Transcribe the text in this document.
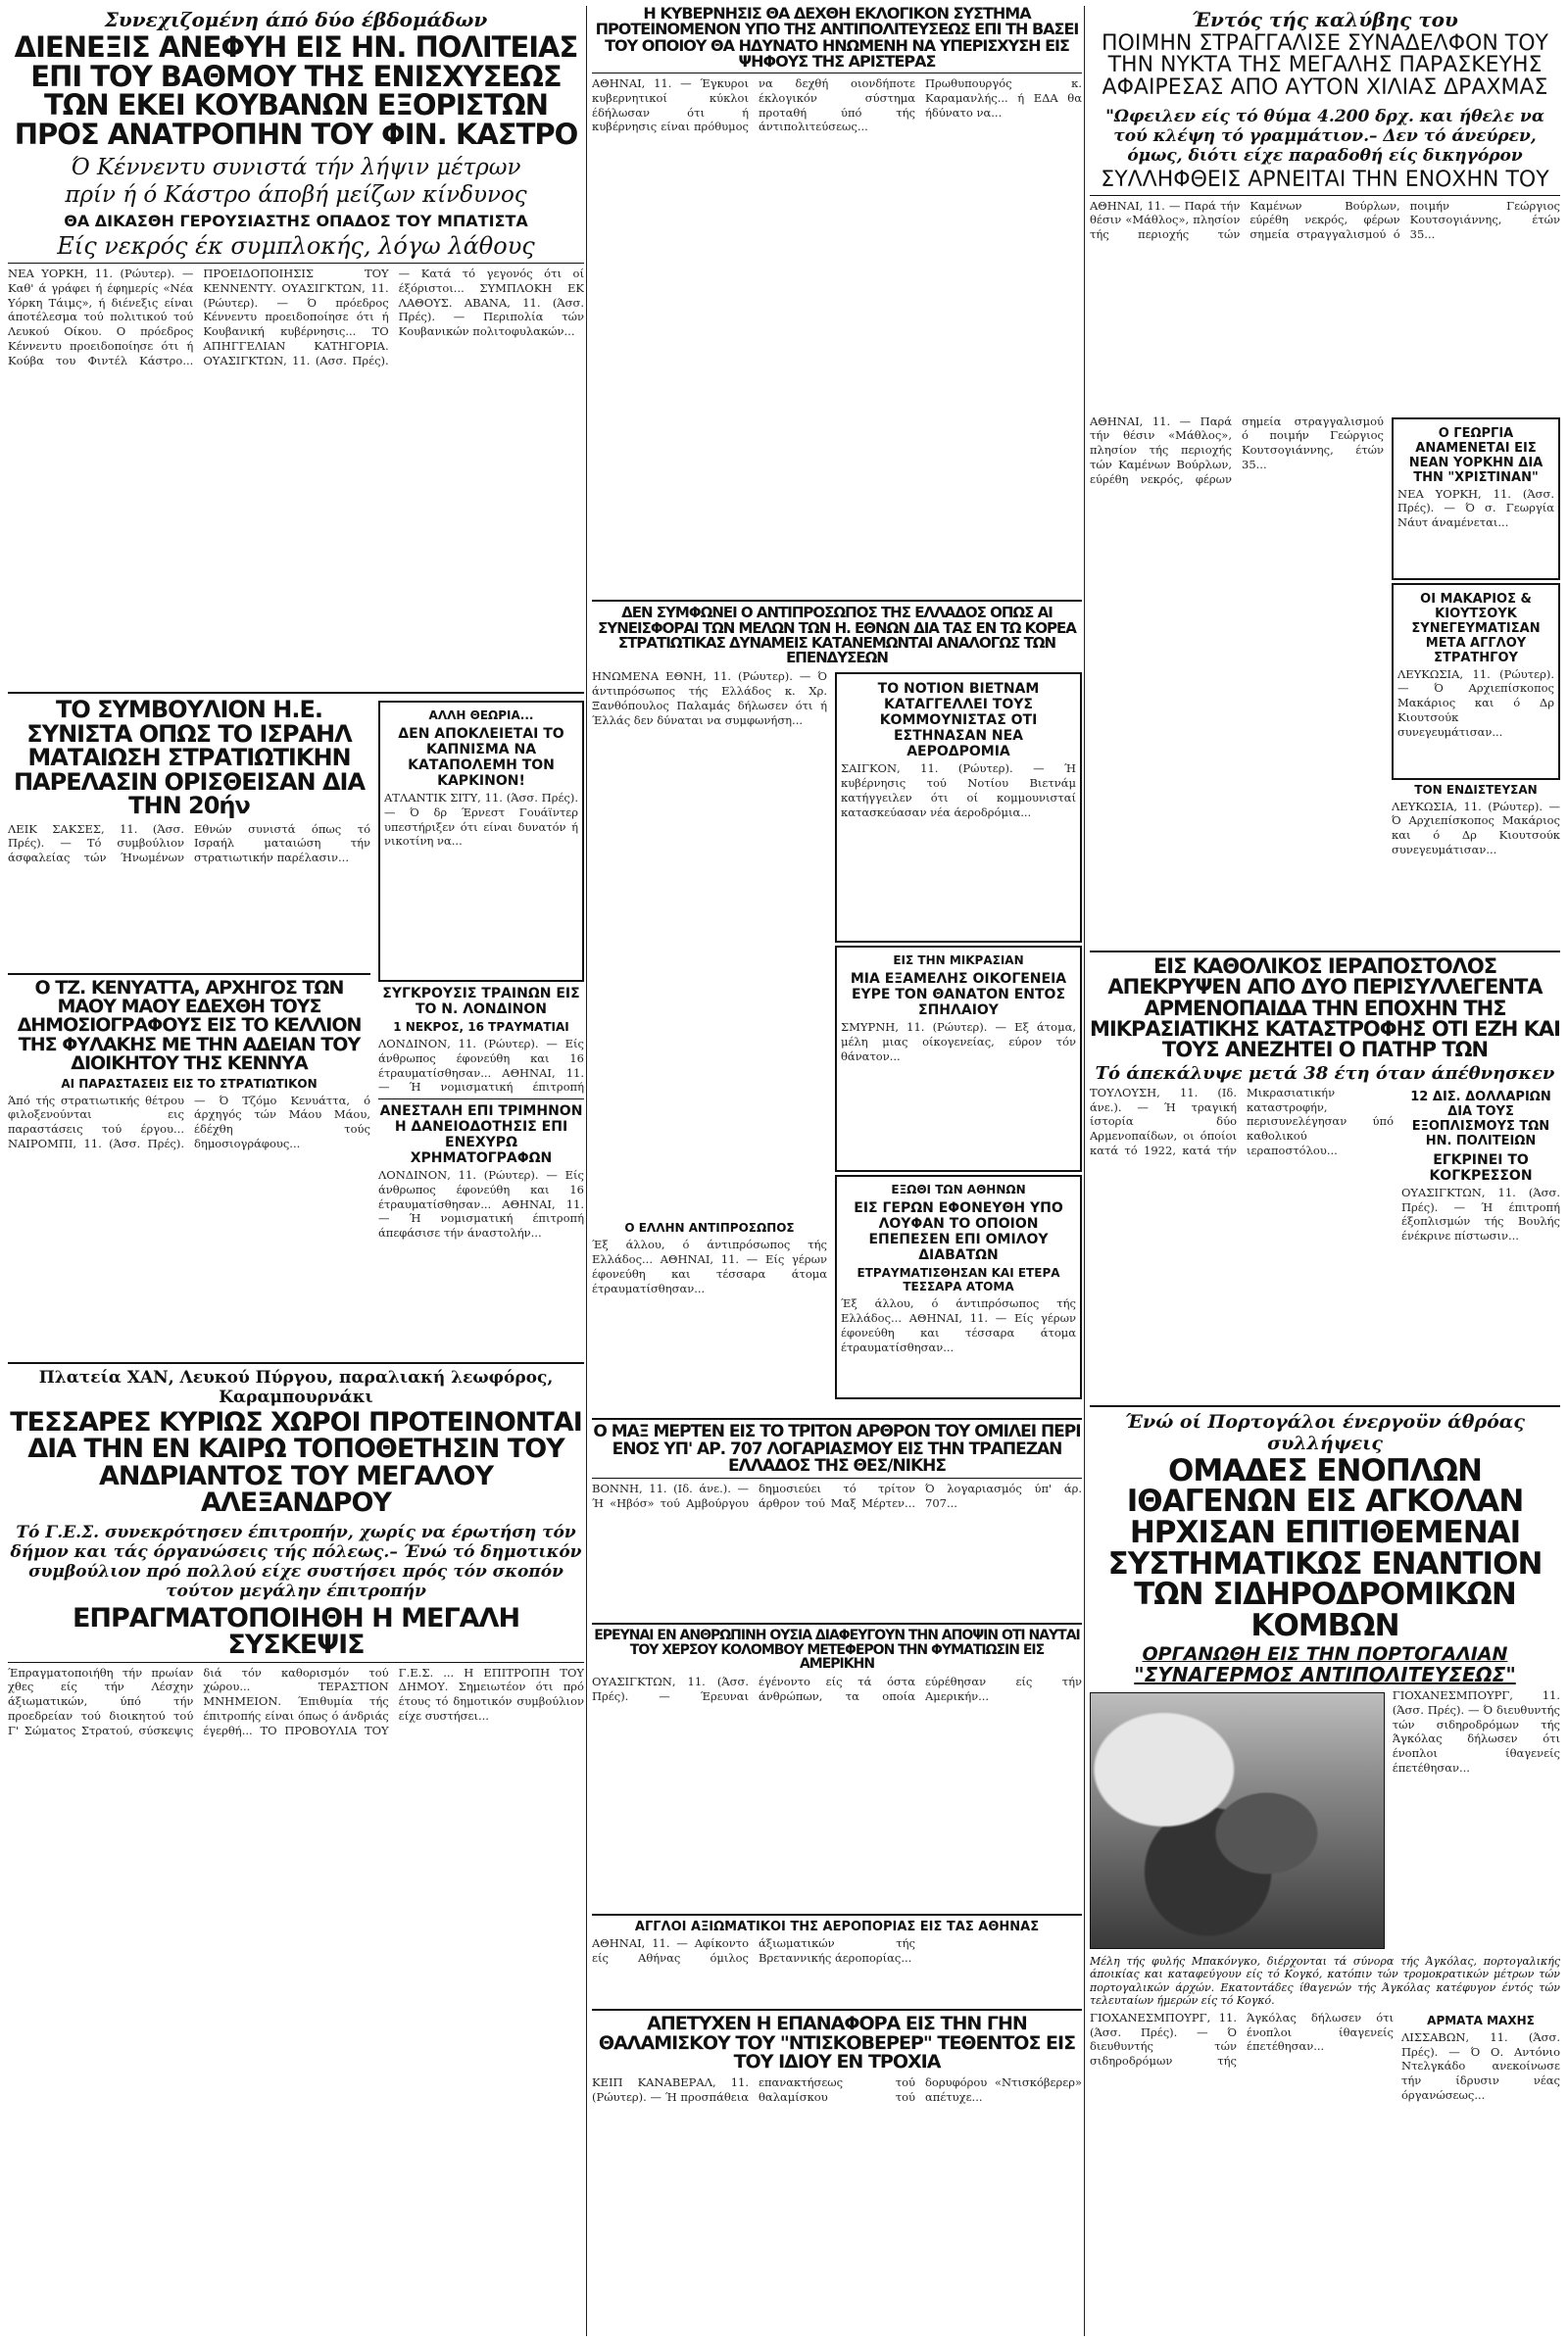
Συνεχιζομένη άπό δύο έβδομάδων
ΔΙΕΝΕΞΙΣ ΑΝΕΦΥΗ ΕΙΣ ΗΝ. ΠΟΛΙΤΕΙΑΣ ΕΠΙ ΤΟΥ ΒΑΘΜΟΥ ΤΗΣ ΕΝΙΣΧΥΣΕΩΣ ΤΩΝ ΕΚΕΙ ΚΟΥΒΑΝΩΝ ΕΞΟΡΙΣΤΩΝ ΠΡΟΣ ΑΝΑΤΡΟΠΗΝ ΤΟΥ ΦΙΝ. ΚΑΣΤΡΟ
Ό Κέννεντυ συνιστά τήν λήψιν μέτρων
πρίν ή ό Κάστρο άποβή μείζων κίνδυνος
ΘΑ ΔΙΚΑΣΘΗ ΓΕΡΟΥΣΙΑΣΤΗΣ ΟΠΑΔΟΣ ΤΟΥ ΜΠΑΤΙΣΤΑ
Είς νεκρός έκ συμπλοκής, λόγω λάθους
ΝΕΑ ΥΟΡΚΗ, 11. (Ρώυτερ). — Καθ' ά γράφει ή έφημερίς «Νέα Υόρκη Τάιμς», ή διένεξις είναι άποτέλεσμα τού πολιτικού τού Λευκού Οίκου. Ο πρόεδρος Κέννεντυ προειδοποίησε ότι ή Κούβα του Φιντέλ Κάστρο... ΠΡΟΕΙΔΟΠΟΙΗΣΙΣ ΤΟΥ ΚΕΝΝΕΝΤΥ. ΟΥΑΣΙΓΚΤΩΝ, 11. (Ρώυτερ). — Ό πρόεδρος Κέννεντυ προειδοποίησε ότι ή Κουβανική κυβέρνησις... ΤΟ ΑΠΗΓΓΕΛΙΑΝ ΚΑΤΗΓΟΡΙΑ. ΟΥΑΣΙΓΚΤΩΝ, 11. (Ασσ. Πρές). — Κατά τό γεγονός ότι οί έξόριστοι... ΣΥΜΠΛΟΚΗ ΕΚ ΛΑΘΟΥΣ. ΑΒΑΝΑ, 11. (Άσσ. Πρές). — Περιπολία τών Κουβανικών πολιτοφυλακών...
ΤΟ ΣΥΜΒΟΥΛΙΟΝ Η.Ε. ΣΥΝΙΣΤΑ ΟΠΩΣ ΤΟ ΙΣΡΑΗΛ ΜΑΤΑΙΩΣΗ ΣΤΡΑΤΙΩΤΙΚΗΝ ΠΑΡΕΛΑΣΙΝ ΟΡΙΣΘΕΙΣΑΝ ΔΙΑ ΤΗΝ 20ήν
ΛΕΙΚ ΣΑΚΣΕΣ, 11. (Άσσ. Πρές). — Τό συμβούλιον άσφαλείας τών Ήνωμένων Εθνών συνιστά όπως τό Ισραήλ ματαιώση τήν στρατιωτικήν παρέλασιν...
Ο ΤΖ. ΚΕΝΥΑΤΤΑ, ΑΡΧΗΓΟΣ ΤΩΝ ΜΑΟΥ ΜΑΟΥ ΕΔΕΧΘΗ ΤΟΥΣ ΔΗΜΟΣΙΟΓΡΑΦΟΥΣ ΕΙΣ ΤΟ ΚΕΛΛΙΟΝ ΤΗΣ ΦΥΛΑΚΗΣ ΜΕ ΤΗΝ ΑΔΕΙΑΝ ΤΟΥ ΔΙΟΙΚΗΤΟΥ ΤΗΣ ΚΕΝΝΥΑ
ΑΙ ΠΑΡΑΣΤΑΣΕΙΣ ΕΙΣ ΤΟ ΣΤΡΑΤΙΩΤΙΚΟΝ
Άπό τής στρατιωτικής θέτρου φιλοξενούνται εις παραστάσεις τού έργου... ΝΑΙΡΟΜΠΙ, 11. (Άσσ. Πρές). — Ό Τζόμο Κενυάττα, ό άρχηγός τών Μάου Μάου, έδέχθη τούς δημοσιογράφους...
ΑΛΛΗ ΘΕΩΡΙΑ...
ΔΕΝ ΑΠΟΚΛΕΙΕΤΑΙ ΤΟ ΚΑΠΝΙΣΜΑ ΝΑ ΚΑΤΑΠΟΛΕΜΗ ΤΟΝ ΚΑΡΚΙΝΟΝ!
ΑΤΛΑΝΤΙΚ ΣΙΤΥ, 11. (Άσσ. Πρές). — Ό δρ Έρνεστ Γουάϊντερ υπεστήριξεν ότι είναι δυνατόν ή νικοτίνη να...
ΣΥΓΚΡΟΥΣΙΣ ΤΡΑΙΝΩΝ ΕΙΣ ΤΟ Ν. ΛΟΝΔΙΝΟΝ
1 ΝΕΚΡΟΣ, 16 ΤΡΑΥΜΑΤΙΑΙ
ΛΟΝΔΙΝΟΝ, 11. (Ρώυτερ). — Είς άνθρωπος έφονεύθη και 16 έτραυματίσθησαν... ΑΘΗΝΑΙ, 11. — Ή νομισματική έπιτροπή
ΑΝΕΣΤΑΛΗ ΕΠΙ ΤΡΙΜΗΝΟΝ Η ΔΑΝΕΙΟΔΟΤΗΣΙΣ ΕΠΙ ΕΝΕΧΥΡΩ ΧΡΗΜΑΤΟΓΡΑΦΩΝ
ΛΟΝΔΙΝΟΝ, 11. (Ρώυτερ). — Είς άνθρωπος έφονεύθη και 16 έτραυματίσθησαν... ΑΘΗΝΑΙ, 11. — Ή νομισματική έπιτροπή άπεφάσισε τήν άναστολήν...
Πλατεία ΧΑΝ, Λευκού Πύργου, παραλιακή λεωφόρος, Καραμπουρνάκι
ΤΕΣΣΑΡΕΣ ΚΥΡΙΩΣ ΧΩΡΟΙ ΠΡΟΤΕΙΝΟΝΤΑΙ ΔΙΑ ΤΗΝ ΕΝ ΚΑΙΡΩ ΤΟΠΟΘΕΤΗΣΙΝ ΤΟΥ ΑΝΔΡΙΑΝΤΟΣ ΤΟΥ ΜΕΓΑΛΟΥ ΑΛΕΞΑΝΔΡΟΥ
Τό Γ.Ε.Σ. συνεκρότησεν έπιτροπήν, χωρίς να έρωτήση τόν δήμον και τάς όργανώσεις τής πόλεως.– Ένώ τό δημοτικόν συμβούλιον πρό πολλού είχε συστήσει πρός τόν σκοπόν τούτον μεγάλην έπιτροπήν
ΕΠΡΑΓΜΑΤΟΠΟΙΗΘΗ Η ΜΕΓΑΛΗ ΣΥΣΚΕΨΙΣ
Έπραγματοποιήθη τήν πρωίαν χθες είς τήν Λέσχην άξιωματικών, ύπό τήν προεδρείαν τού διοικητού τού Γ' Σώματος Στρατού, σύσκεψις διά τόν καθορισμόν τού χώρου... ΤΕΡΑΣΤΙΟΝ ΜΝΗΜΕΙΟΝ. Έπιθυμία τής έπιτροπής είναι όπως ό άνδριάς έγερθή... ΤΟ ΠΡΟΒΟΥΛΙΑ ΤΟΥ Γ.Ε.Σ. ... Η ΕΠΙΤΡΟΠΗ ΤΟΥ ΔΗΜΟΥ. Σημειωτέον ότι πρό έτους τό δημοτικόν συμβούλιον είχε συστήσει...
Η ΚΥΒΕΡΝΗΣΙΣ ΘΑ ΔΕΧΘΗ ΕΚΛΟΓΙΚΟΝ ΣΥΣΤΗΜΑ ΠΡΟΤΕΙΝΟΜΕΝΟΝ ΥΠΟ ΤΗΣ ΑΝΤΙΠΟΛΙΤΕΥΣΕΩΣ ΕΠΙ ΤΗ ΒΑΣΕΙ ΤΟΥ ΟΠΟΙΟΥ ΘΑ ΗΔΥΝΑΤΟ ΗΝΩΜΕΝΗ ΝΑ ΥΠΕΡΙΣΧΥΣΗ ΕΙΣ ΨΗΦΟΥΣ ΤΗΣ ΑΡΙΣΤΕΡΑΣ
ΑΘΗΝΑΙ, 11. — Έγκυροι κυβερνητικοί κύκλοι έδήλωσαν ότι ή κυβέρνησις είναι πρόθυμος να δεχθή οιονδήποτε έκλογικόν σύστημα προταθή ύπό τής άντιπολιτεύσεως... Πρωθυπουργός κ. Καραμανλής... ή ΕΔΑ θα ήδύνατο να...
ΔΕΝ ΣΥΜΦΩΝΕΙ Ο ΑΝΤΙΠΡΟΣΩΠΟΣ ΤΗΣ ΕΛΛΑΔΟΣ ΟΠΩΣ ΑΙ ΣΥΝΕΙΣΦΟΡΑΙ ΤΩΝ ΜΕΛΩΝ ΤΩΝ Η. ΕΘΝΩΝ ΔΙΑ ΤΑΣ ΕΝ ΤΩ ΚΟΡΕΑ ΣΤΡΑΤΙΩΤΙΚΑΣ ΔΥΝΑΜΕΙΣ ΚΑΤΑΝΕΜΩΝΤΑΙ ΑΝΑΛΟΓΩΣ ΤΩΝ ΕΠΕΝΔΥΣΕΩΝ
ΗΝΩΜΕΝΑ ΕΘΝΗ, 11. (Ρώυτερ). — Ό άντιπρόσωπος τής Ελλάδος κ. Χρ. Ξανθόπουλος Παλαμάς δήλωσεν ότι ή Έλλάς δεν δύναται να συμφωνήση...
Ο ΕΛΛΗΝ ΑΝΤΙΠΡΟΣΩΠΟΣ
Έξ άλλου, ό άντιπρόσωπος τής Ελλάδος... ΑΘΗΝΑΙ, 11. — Είς γέρων έφονεύθη και τέσσαρα άτομα έτραυματίσθησαν...
ΤΟ ΝΟΤΙΟΝ ΒΙΕΤΝΑΜ ΚΑΤΑΓΓΕΛΛΕΙ ΤΟΥΣ ΚΟΜΜΟΥΝΙΣΤΑΣ ΟΤΙ ΕΣΤΗΝΑΣΑΝ ΝΕΑ ΑΕΡΟΔΡΟΜΙΑ
ΣΑΙΓΚΟΝ, 11. (Ρώυτερ). — Ή κυβέρνησις τού Νοτίου Βιετνάμ κατήγγειλεν ότι οί κομμουνισταί κατασκεύασαν νέα άεροδρόμια...
ΕΙΣ ΤΗΝ ΜΙΚΡΑΣΙΑΝ
ΜΙΑ ΕΞΑΜΕΛΗΣ ΟΙΚΟΓΕΝΕΙΑ ΕΥΡΕ ΤΟΝ ΘΑΝΑΤΟΝ ΕΝΤΟΣ ΣΠΗΛΑΙΟΥ
ΣΜΥΡΝΗ, 11. (Ρώυτερ). — Εξ άτομα, μέλη μιας οίκογενείας, εύρον τόν θάνατον...
ΕΞΩΘΙ ΤΩΝ ΑΘΗΝΩΝ
ΕΙΣ ΓΕΡΩΝ ΕΦΟΝΕΥΘΗ ΥΠΟ ΛΟΥΦΑΝ ΤΟ ΟΠΟΙΟΝ ΕΠΕΠΕΣΕΝ ΕΠΙ ΟΜΙΛΟΥ ΔΙΑΒΑΤΩΝ
ΕΤΡΑΥΜΑΤΙΣΘΗΣΑΝ ΚΑΙ ΕΤΕΡΑ ΤΕΣΣΑΡΑ ΑΤΟΜΑ
Έξ άλλου, ό άντιπρόσωπος τής Ελλάδος... ΑΘΗΝΑΙ, 11. — Είς γέρων έφονεύθη και τέσσαρα άτομα έτραυματίσθησαν...
Ο ΜΑΞ ΜΕΡΤΕΝ ΕΙΣ ΤΟ ΤΡΙΤΟΝ ΑΡΘΡΟΝ ΤΟΥ ΟΜΙΛΕΙ ΠΕΡΙ ΕΝΟΣ ΥΠ' ΑΡ. 707 ΛΟΓΑΡΙΑΣΜΟΥ ΕΙΣ ΤΗΝ ΤΡΑΠΕΖΑΝ ΕΛΛΑΔΟΣ ΤΗΣ ΘΕΣ/ΝΙΚΗΣ
ΒΟΝΝΗ, 11. (Ιδ. άνε.). — Ή «Ηβόσ» τού Αμβούργου δημοσιεύει τό τρίτον άρθρον τού Μαξ Μέρτεν... Ό λογαριασμός ύπ' άρ. 707...
ΕΡΕΥΝΑΙ ΕΝ ΑΝΘΡΩΠΙΝΗ ΟΥΣΙΑ ΔΙΑΦΕΥΓΟΥΝ ΤΗΝ ΑΠΟΨΙΝ ΟΤΙ ΝΑΥΤΑΙ ΤΟΥ ΧΕΡΣΟΥ ΚΟΛΟΜΒΟΥ ΜΕΤΕΦΕΡΟΝ ΤΗΝ ΦΥΜΑΤΙΩΣΙΝ ΕΙΣ ΑΜΕΡΙΚΗΝ
ΟΥΑΣΙΓΚΤΩΝ, 11. (Άσσ. Πρές). — Έρευναι έγένοντο είς τά όστα άνθρώπων, τα οποία εύρέθησαν είς τήν Αμερικήν...
ΑΓΓΛΟΙ ΑΞΙΩΜΑΤΙΚΟΙ ΤΗΣ ΑΕΡΟΠΟΡΙΑΣ ΕΙΣ ΤΑΣ ΑΘΗΝΑΣ
ΑΘΗΝΑΙ, 11. — Αφίκοντο είς Αθήνας όμιλος άξιωματικών τής Βρεταννικής άεροπορίας...
ΑΠΕΤΥΧΕΝ Η ΕΠΑΝΑΦΟΡΑ ΕΙΣ ΤΗΝ ΓΗΝ ΘΑΛΑΜΙΣΚΟΥ ΤΟΥ "ΝΤΙΣΚΟΒΕΡΕΡ" ΤΕΘΕΝΤΟΣ ΕΙΣ ΤΟΥ ΙΔΙΟΥ ΕΝ ΤΡΟΧΙΑ
ΚΕΙΠ ΚΑΝΑΒΕΡΑΛ, 11. (Ρώυτερ). — Ή προσπάθεια επανακτήσεως τού θαλαμίσκου τού δορυφόρου «Ντισκόβερερ» απέτυχε...
Έντός τής καλύβης του
ΠΟΙΜΗΝ ΣΤΡΑΓΓΑΛΙΣΕ ΣΥΝΑΔΕΛΦΟΝ ΤΟΥ ΤΗΝ ΝΥΚΤΑ ΤΗΣ ΜΕΓΑΛΗΣ ΠΑΡΑΣΚΕΥΗΣ ΑΦΑΙΡΕΣΑΣ ΑΠΟ ΑΥΤΟΝ ΧΙΛΙΑΣ ΔΡΑΧΜΑΣ
"Ωφειλεν είς τό θύμα 4.200 δρχ. και ήθελε να τού κλέψη τό γραμμάτιον.– Δεν τό άνεύρεν, όμως, διότι είχε παραδοθή είς δικηγόρον
ΣΥΛΛΗΦΘΕΙΣ ΑΡΝΕΙΤΑΙ ΤΗΝ ΕΝΟΧΗΝ ΤΟΥ
ΑΘΗΝΑΙ, 11. — Παρά τήν θέσιν «Μάθλος», πλησίον τής περιοχής τών Καμένων Βούρλων, εύρέθη νεκρός, φέρων σημεία στραγγαλισμού ό ποιμήν Γεώργιος Κουτσογιάννης, έτών 35...
ΑΘΗΝΑΙ, 11. — Παρά τήν θέσιν «Μάθλος», πλησίον τής περιοχής τών Καμένων Βούρλων, εύρέθη νεκρός, φέρων σημεία στραγγαλισμού ό ποιμήν Γεώργιος Κουτσογιάννης, έτών 35...
Ο ΓΕΩΡΓΙΑ ΑΝΑΜΕΝΕΤΑΙ ΕΙΣ ΝΕΑΝ ΥΟΡΚΗΝ ΔΙΑ ΤΗΝ "ΧΡΙΣΤΙΝΑΝ"
ΝΕΑ ΥΟΡΚΗ, 11. (Άσσ. Πρές). — Ό σ. Γεωργία Νάυτ άναμένεται...
ΟΙ ΜΑΚΑΡΙΟΣ & ΚΙΟΥΤΣΟΥΚ ΣΥΝΕΓΕΥΜΑΤΙΣΑΝ ΜΕΤΑ ΑΓΓΛΟΥ ΣΤΡΑΤΗΓΟΥ
ΛΕΥΚΩΣΙΑ, 11. (Ρώυτερ). — Ό Αρχιεπίσκοπος Μακάριος και ό Δρ Κιουτσούκ συνεγευμάτισαν...
ΤΟΝ ΕΝΔΙΣΤΕΥΣΑΝ
ΛΕΥΚΩΣΙΑ, 11. (Ρώυτερ). — Ό Αρχιεπίσκοπος Μακάριος και ό Δρ Κιουτσούκ συνεγευμάτισαν...
ΕΙΣ ΚΑΘΟΛΙΚΟΣ ΙΕΡΑΠΟΣΤΟΛΟΣ ΑΠΕΚΡΥΨΕΝ ΑΠΟ ΔΥΟ ΠΕΡΙΣΥΛΛΕΓΕΝΤΑ ΑΡΜΕΝΟΠΑΙΔΑ ΤΗΝ ΕΠΟΧΗΝ ΤΗΣ ΜΙΚΡΑΣΙΑΤΙΚΗΣ ΚΑΤΑΣΤΡΟΦΗΣ ΟΤΙ ΕΖΗ ΚΑΙ ΤΟΥΣ ΑΝΕΖΗΤΕΙ Ο ΠΑΤΗΡ ΤΩΝ
Τό άπεκάλυψε μετά 38 έτη όταν άπέθνησκεν
ΤΟΥΛΟΥΣΗ, 11. (Ιδ. άνε.). — Ή τραγική ίστορία δύο Αρμενοπαίδων, οι όποίοι κατά τό 1922, κατά τήν Μικρασιατικήν καταστροφήν, περισυνελέγησαν ύπό καθολικού ιεραποστόλου...
12 ΔΙΣ. ΔΟΛΛΑΡΙΩΝ ΔΙΑ ΤΟΥΣ ΕΞΟΠΛΙΣΜΟΥΣ ΤΩΝ ΗΝ. ΠΟΛΙΤΕΙΩΝ
ΕΓΚΡΙΝΕΙ ΤΟ ΚΟΓΚΡΕΣΣΟΝ
ΟΥΑΣΙΓΚΤΩΝ, 11. (Άσσ. Πρές). — Ή έπιτροπή έξοπλισμών τής Βουλής ένέκρινε πίστωσιν...
Ένώ οί Πορτογάλοι ένεργοϋν άθρόας συλλήψεις
ΟΜΑΔΕΣ ΕΝΟΠΛΩΝ ΙΘΑΓΕΝΩΝ ΕΙΣ ΑΓΚΟΛΑΝ ΗΡΧΙΣΑΝ ΕΠΙΤΙΘΕΜΕΝΑΙ ΣΥΣΤΗΜΑΤΙΚΩΣ ΕΝΑΝΤΙΟΝ ΤΩΝ ΣΙΔΗΡΟΔΡΟΜΙΚΩΝ ΚΟΜΒΩΝ
ΟΡΓΑΝΩΘΗ ΕΙΣ ΤΗΝ ΠΟΡΤΟΓΑΛΙΑΝ
"ΣΥΝΑΓΕΡΜΟΣ ΑΝΤΙΠΟΛΙΤΕΥΣΕΩΣ"
ΓΙΟΧΑΝΕΣΜΠΟΥΡΓ, 11. (Άσσ. Πρές). — Ό διευθυντής τών σιδηροδρόμων τής Άγκόλας δήλωσεν ότι ένοπλοι ίθαγενείς έπετέθησαν...
Μέλη τής φυλής Μπακόνγκο, διέρχονται τά σύνορα τής Άγκόλας, πορτογαλικής άποικίας και καταφεύγουν είς τό Κογκό, κατόπιν τών τρομοκρατικών μέτρων τών πορτογαλικών άρχών. Εκατοντάδες ίθαγενών τής Άγκόλας κατέφυγον έντός τών τελευταίων ήμερών είς τό Κογκό.
ΓΙΟΧΑΝΕΣΜΠΟΥΡΓ, 11. (Άσσ. Πρές). — Ό διευθυντής τών σιδηροδρόμων τής Άγκόλας δήλωσεν ότι ένοπλοι ίθαγενείς έπετέθησαν...
ΑΡΜΑΤΑ ΜΑΧΗΣ
ΛΙΣΣΑΒΩΝ, 11. (Άσσ. Πρές). — Ό Ο. Αντόνιο Ντελγκάδο ανεκοίνωσε τήν ίδρυσιν νέας όργανώσεως...
